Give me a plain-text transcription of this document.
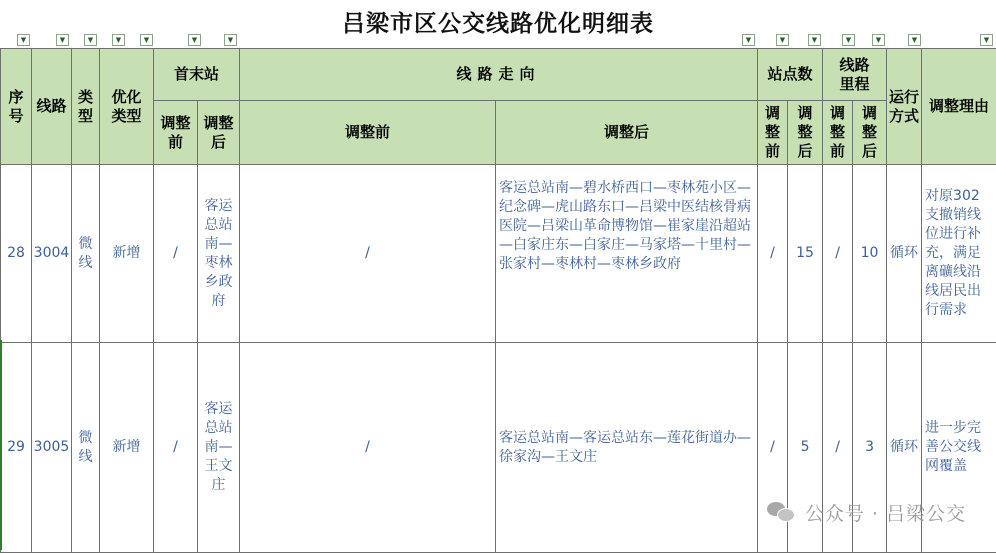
吕梁市区公交线路优化明细表
▼	▼	▼	▼	▼	▼	▼	▼	▼	▼	▼	▼	▼	▼
序号	线路	类型	优化类型	首末站		线路走向		站点数		线路里程		运行方式	调整理由
				调整前	调整后	调整前	调整后	调整前	调整后	调整前	调整后		
28	3004	微线	新增	/	客运总站南—枣林乡政府	/	客运总站南—碧水桥西口—枣林苑小区—纪念碑—虎山路东口—吕梁中医结核骨病医院—吕梁山革命博物馆—崔家崖沿超站—白家庄东—白家庄—马家塔—十里村—张家村—枣林村—枣林乡政府	/	15	/	10	循环	对原302支撤销线位进行补充，满足离礦线沿线居民出行需求
29	3005	微线	新增	/	客运总站南—王文庄	/	客运总站南—客运总站东—莲花街道办—徐家沟—王文庄	/	5	/	3	循环	进一步完善公交线网覆盖
公众号 · 吕梁公交
